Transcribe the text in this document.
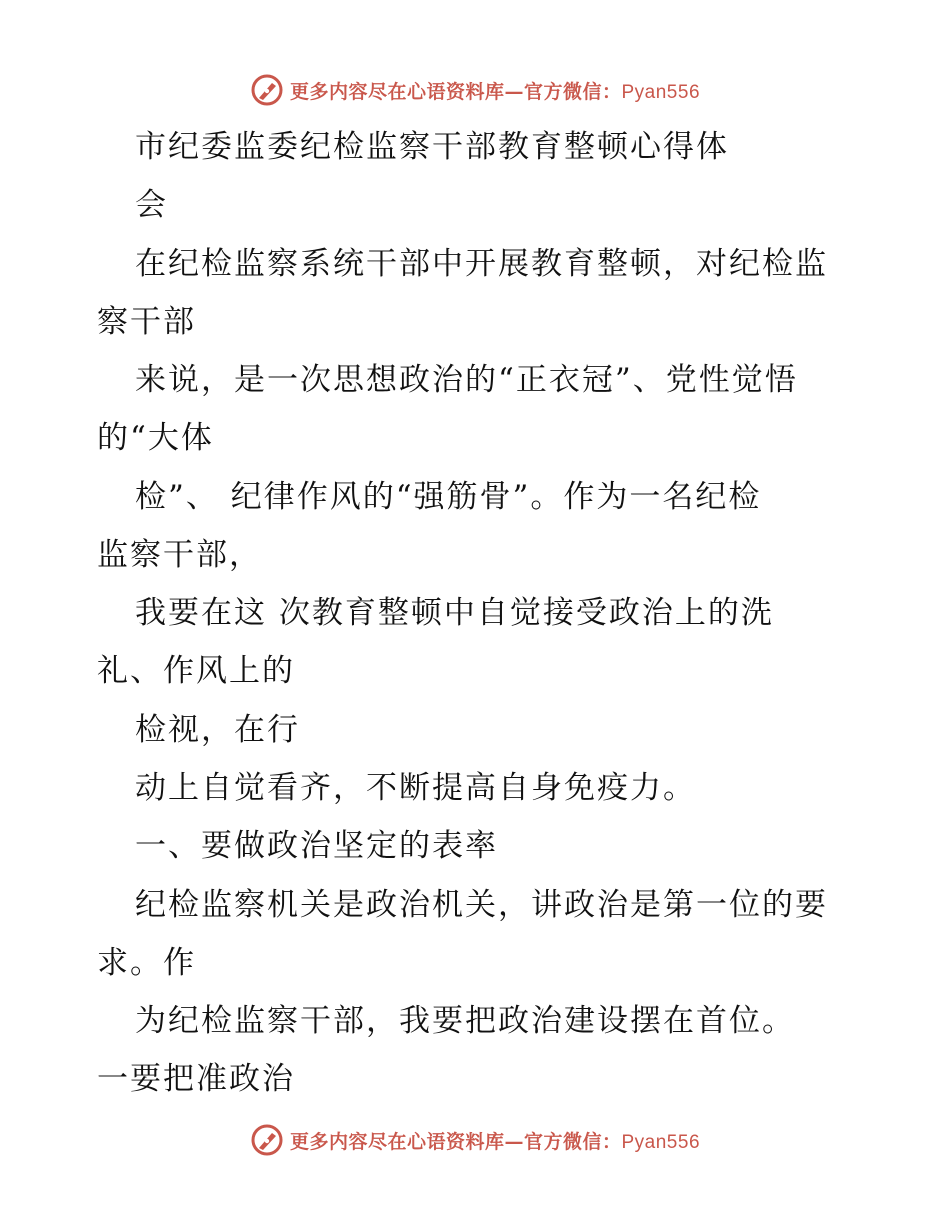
更多内容尽在心语资料库—官方微信：Pyan556
市纪委监委纪检监察干部教育整顿心得体
会
在纪检监察系统干部中开展教育整顿，对纪检监
察干部
来说，是一次思想政治的“正衣冠”、党性觉悟
的“大体
检”、 纪律作风的“强筋骨”。作为一名纪检
监察干部，
我要在这 次教育整顿中自觉接受政治上的洗
礼、作风上的
检视，在行
动上自觉看齐，不断提高自身免疫力。
一、要做政治坚定的表率
纪检监察机关是政治机关，讲政治是第一位的要
求。作
为纪检监察干部，我要把政治建设摆在首位。
一要把准政治
更多内容尽在心语资料库—官方微信：Pyan556
